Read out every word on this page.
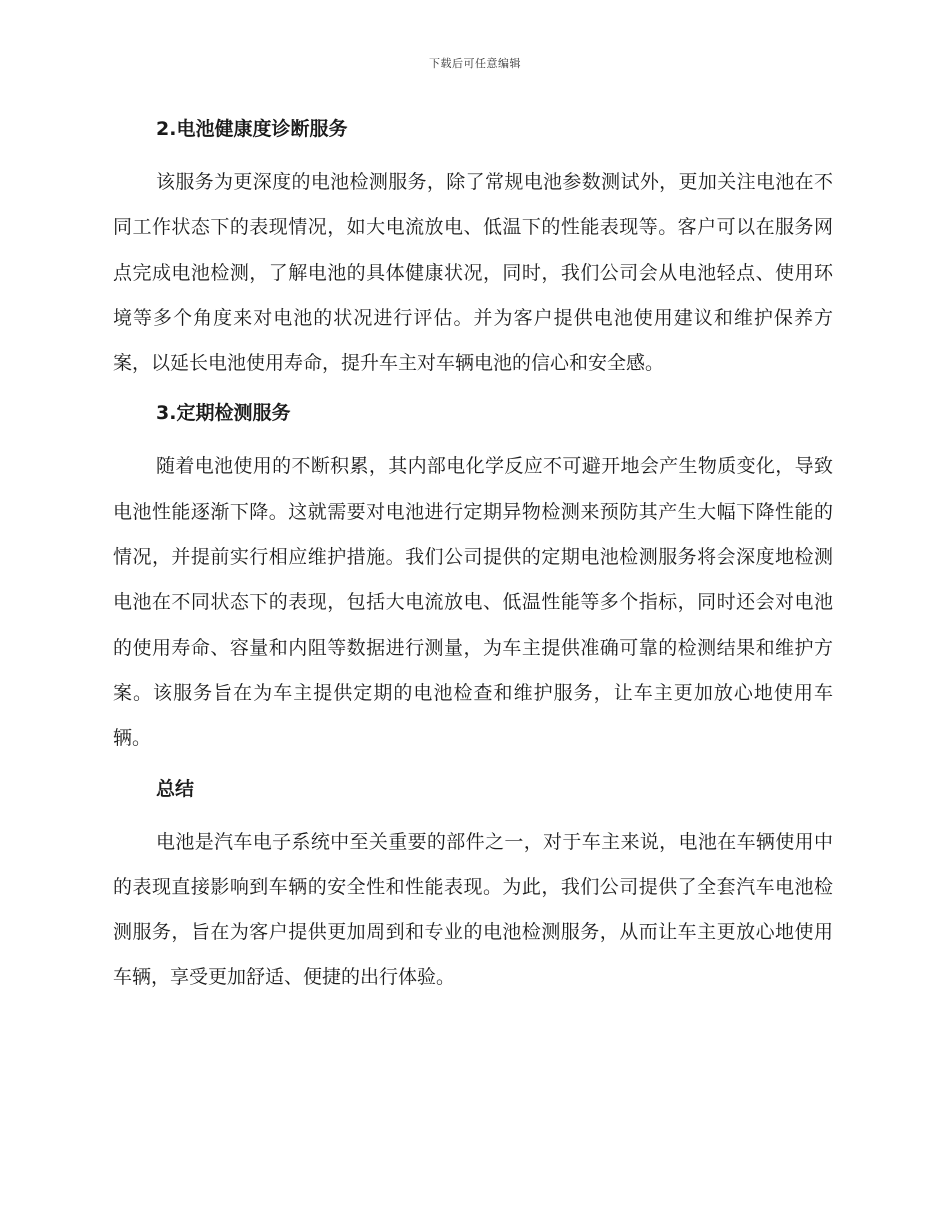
下载后可任意编辑
2.电池健康度诊断服务

该服务为更深度的电池检测服务，除了常规电池参数测试外，更加关注电池在不同工作状态下的表现情况，如大电流放电、低温下的性能表现等。客户可以在服务网点完成电池检测，了解电池的具体健康状况，同时，我们公司会从电池轻点、使用环境等多个角度来对电池的状况进行评估。并为客户提供电池使用建议和维护保养方案，以延长电池使用寿命，提升车主对车辆电池的信心和安全感。

3.定期检测服务

随着电池使用的不断积累，其内部电化学反应不可避开地会产生物质变化，导致电池性能逐渐下降。这就需要对电池进行定期异物检测来预防其产生大幅下降性能的情况，并提前实行相应维护措施。我们公司提供的定期电池检测服务将会深度地检测电池在不同状态下的表现，包括大电流放电、低温性能等多个指标，同时还会对电池的使用寿命、容量和内阻等数据进行测量，为车主提供准确可靠的检测结果和维护方案。该服务旨在为车主提供定期的电池检查和维护服务，让车主更加放心地使用车辆。

总结

电池是汽车电子系统中至关重要的部件之一，对于车主来说，电池在车辆使用中的表现直接影响到车辆的安全性和性能表现。为此，我们公司提供了全套汽车电池检测服务，旨在为客户提供更加周到和专业的电池检测服务，从而让车主更放心地使用车辆，享受更加舒适、便捷的出行体验。
